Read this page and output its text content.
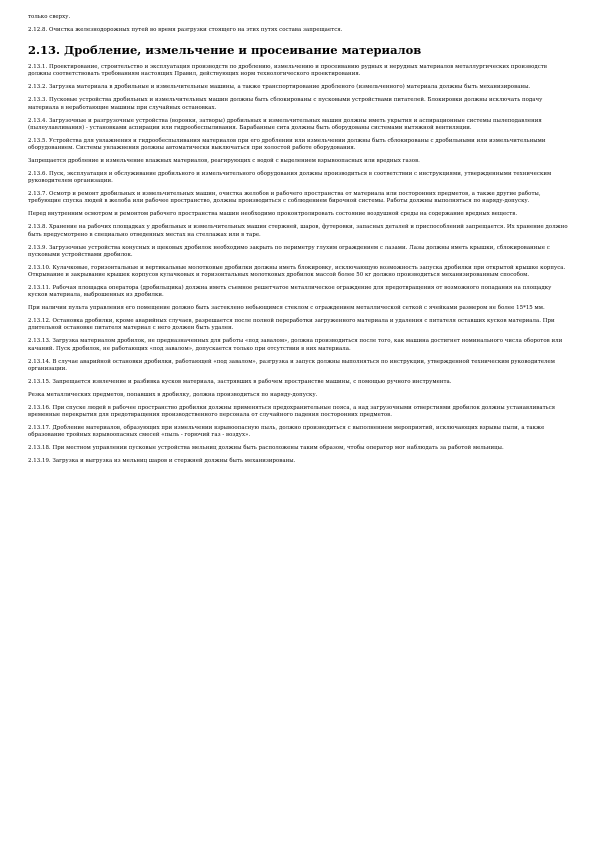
только сверху.

2.12.8. Очистка железнодорожных путей во время разгрузки стоящего на этих путях состава запрещается.

2.13. Дробление, измельчение и просеивание материалов

2.13.1. Проектирование, строительство и эксплуатация производств по дроблению, измельчению и просеиванию рудных и нерудных материалов металлургических производств должны соответствовать требованиям настоящих Правил, действующих норм технологического проектирования.

2.13.2. Загрузка материала в дробильные и измельчительные машины, а также транспортирование дробленого (измельченного) материала должны быть механизированы.

2.13.3. Пусковые устройства дробильных и измельчительных машин должны быть сблокированы с пусковыми устройствами питателей. Блокировки должны исключать подачу материала в неработающие машины при случайных остановках.

2.13.4. Загрузочные и разгрузочные устройства (воронки, затворы) дробильных и измельчительных машин должны иметь укрытия и аспирационные системы пылеподавления (пылеулавливания) - установками аспирации или гидрообеспыливания. Барабанные сита должны быть оборудованы системами вытяжной вентиляции.

2.13.5. Устройства для увлажнения и гидрообеспыливания материалов при его дроблении или измельчении должны быть сблокированы с дробильными или измельчительными оборудованием. Системы увлажнения должны автоматически выключаться при холостой работе оборудования.

Запрещается дробление и измельчение влажных материалов, реагирующих с водой с выделением взрывоопасных или вредных газов.

2.13.6. Пуск, эксплуатация и обслуживание дробильного и измельчительного оборудования должны производиться в соответствии с инструкциями, утвержденными техническим руководителем организации.

2.13.7. Осмотр и ремонт дробильных и измельчительных машин, очистка желобов и рабочего пространства от материала или посторонних предметов, а также другие работы, требующие спуска людей в желоба или рабочее пространство, должны производиться с соблюдением бирочной системы. Работы должны выполняться по наряду-допуску.

Перед внутренним осмотром и ремонтом рабочего пространства машин необходимо проконтролировать состояние воздушной среды на содержание вредных веществ.

2.13.8. Хранение на рабочих площадках у дробильных и измельчительных машин стержней, шаров, футеровки, запасных деталей и приспособлений запрещается. Их хранение должно быть предусмотрено в специально отведенных местах на стеллажах или в таре.

2.13.9. Загрузочные устройства конусных и щековых дробилок необходимо закрыть по периметру глухим ограждением с лазами. Лазы должны иметь крышки, сблокированные с пусковыми устройствами дробилок.

2.13.10. Кулачковые, горизонтальные и вертикальные молотковые дробилки должны иметь блокировку, исключающую возможность запуска дробилки при открытой крышке корпуса. Открывание и закрывание крышек корпусов кулачковых и горизонтальных молотковых дробилок массой более 50 кг должно производиться механизированным способом.

2.13.11. Рабочая площадка оператора (дробильщика) должна иметь съемное решетчатое металлическое ограждение для предотвращения от возможного попадания на площадку кусков материала, выброшенных из дробилки.

При наличии пульта управления его помещение должно быть застеклено небьющимся стеклом с ограждением металлической сеткой с ячейками размером не более 15*15 мм.

2.13.12. Остановка дробилки, кроме аварийных случаев, разрешается после полной переработки загруженного материала и удаления с питателя оставших кусков материала. При длительной остановке питателя материал с него должен быть удален.

2.13.13. Загрузка материалом дробилок, не предназначенных для работы «под завалом», должна производиться после того, как машина достигнет номинального числа оборотов или качаний. Пуск дробилок, не работающих «под завалом», допускается только при отсутствии в них материала.

2.13.14. В случае аварийной остановки дробилки, работающей «под завалом», разгрузка и запуск должны выполняться по инструкции, утвержденной техническим руководителем организации.

2.13.15. Запрещается извлечение и разбивка кусков материала, застрявших в рабочем пространстве машины, с помощью ручного инструмента.

Резка металлических предметов, попавших в дробилку, должна производиться по наряду-допуску.

2.13.16. При спуске людей в рабочее пространство дробилки должны применяться предохранительные пояса, а над загрузочными отверстиями дробилок должны устанавливаться временные перекрытия для предотвращения производственного персонала от случайного падения посторонних предметов.

2.13.17. Дробление материалов, образующих при измельчении взрывоопасную пыль, должно производиться с выполнением мероприятий, исключающих взрывы пыли, а также образование тройных взрывоопасных смесей «пыль - горючий газ - воздух».

2.13.18. При местном управлении пусковые устройства мельниц должны быть расположены таким образом, чтобы оператор мог наблюдать за работой мельницы.

2.13.19. Загрузка и выгрузка из мельниц шаров и стержней должны быть механизированы.
